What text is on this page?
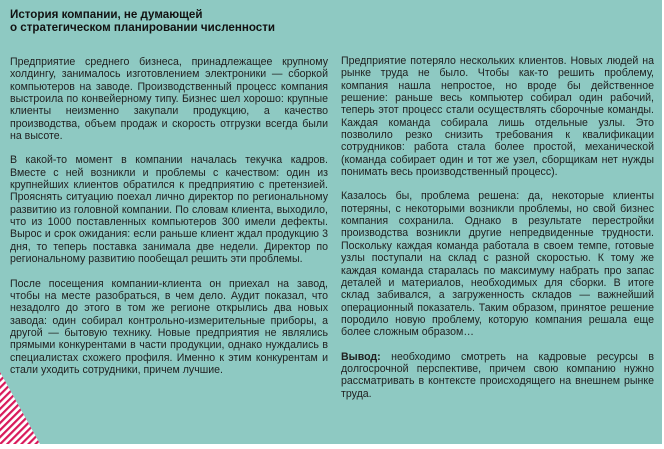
История компании, не думающей
о стратегическом планировании численности

Предприятие среднего бизнеса, принадлежащее крупному холдингу, занималось изготовлением электроники — сборкой компьютеров на заводе. Производственный процесс компания выстроила по конвейерному типу. Бизнес шел хорошо: крупные клиенты неизменно закупали продукцию, а качество производства, объем продаж и скорость отгрузки всегда были на высоте.

В какой-то момент в компании началась текучка кадров. Вместе с ней возникли и проблемы с качеством: один из крупнейших клиентов обратился к предприятию с претензией. Прояснять ситуацию поехал лично директор по региональному развитию из головной компании. По словам клиента, выходило, что из 1000 поставленных компьютеров 300 имели дефекты. Вырос и срок ожидания: если раньше клиент ждал продукцию 3 дня, то теперь поставка занимала две недели. Директор по региональному развитию пообещал решить эти проблемы.

После посещения компании-клиента он приехал на завод, чтобы на месте разобраться, в чем дело. Аудит показал, что незадолго до этого в том же регионе открылись два новых завода: один собирал контрольно-измерительные приборы, а другой — бытовую технику. Новые предприятия не являлись прямыми конкурентами в части продукции, однако нуждались в специалистах схожего профиля. Именно к этим конкурентам и стали уходить сотрудники, причем лучшие.

Предприятие потеряло нескольких клиентов. Новых людей на рынке труда не было. Чтобы как-то решить проблему, компания нашла непростое, но вроде бы действенное решение: раньше весь компьютер собирал один рабочий, теперь этот процесс стали осуществлять сборочные команды. Каждая команда собирала лишь отдельные узлы. Это позволило резко снизить требования к квалификации сотрудников: работа стала более простой, механической (команда собирает один и тот же узел, сборщикам нет нужды понимать весь производственный процесс).

Казалось бы, проблема решена: да, некоторые клиенты потеряны, с некоторыми возникли проблемы, но свой бизнес компания сохранила. Однако в результате перестройки производства возникли другие непредвиденные трудности. Поскольку каждая команда работала в своем темпе, готовые узлы поступали на склад с разной скоростью. К тому же каждая команда старалась по максимуму набрать про запас деталей и материалов, необходимых для сборки. В итоге склад забивался, а загруженность складов — важнейший операционный показатель. Таким образом, принятое решение породило новую проблему, которую компания решала еще более сложным образом…

Вывод: необходимо смотреть на кадровые ресурсы в долгосрочной перспективе, причем свою компанию нужно рассматривать в контексте происходящего на внешнем рынке труда.
